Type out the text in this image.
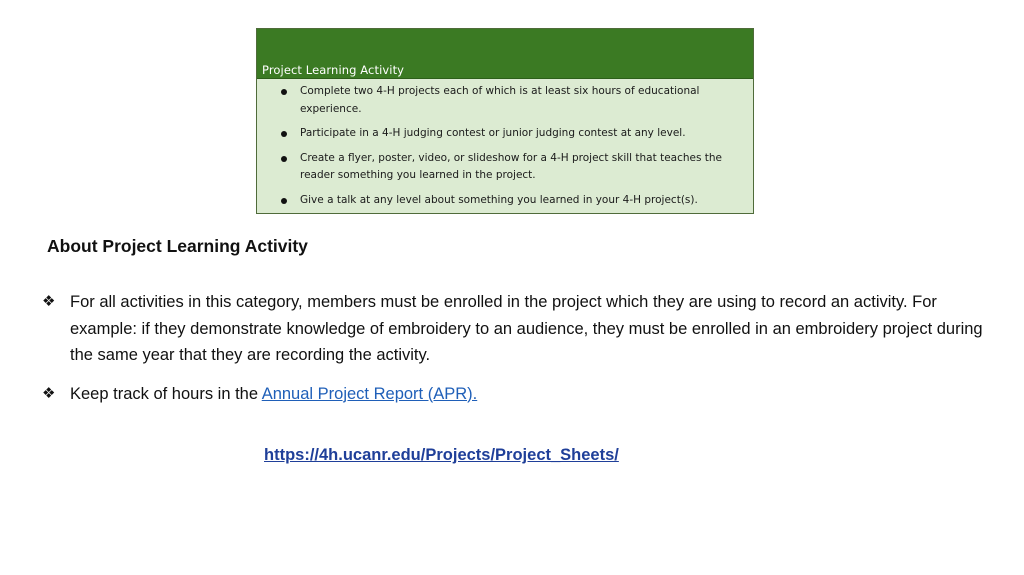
Project Learning Activity
Complete two 4-H projects each of which is at least six hours of educational experience.
Participate in a 4-H judging contest or junior judging contest at any level.
Create a flyer, poster, video, or slideshow for a 4-H project skill that teaches the reader something you learned in the project.
Give a talk at any level about something you learned in your 4-H project(s).
About Project Learning Activity
❖ For all activities in this category, members must be enrolled in the project which they are using to record an activity. For example: if they demonstrate knowledge of embroidery to an audience, they must be enrolled in an embroidery project during the same year that they are recording the activity.
❖ Keep track of hours in the Annual Project Report (APR).
https://4h.ucanr.edu/Projects/Project_Sheets/
